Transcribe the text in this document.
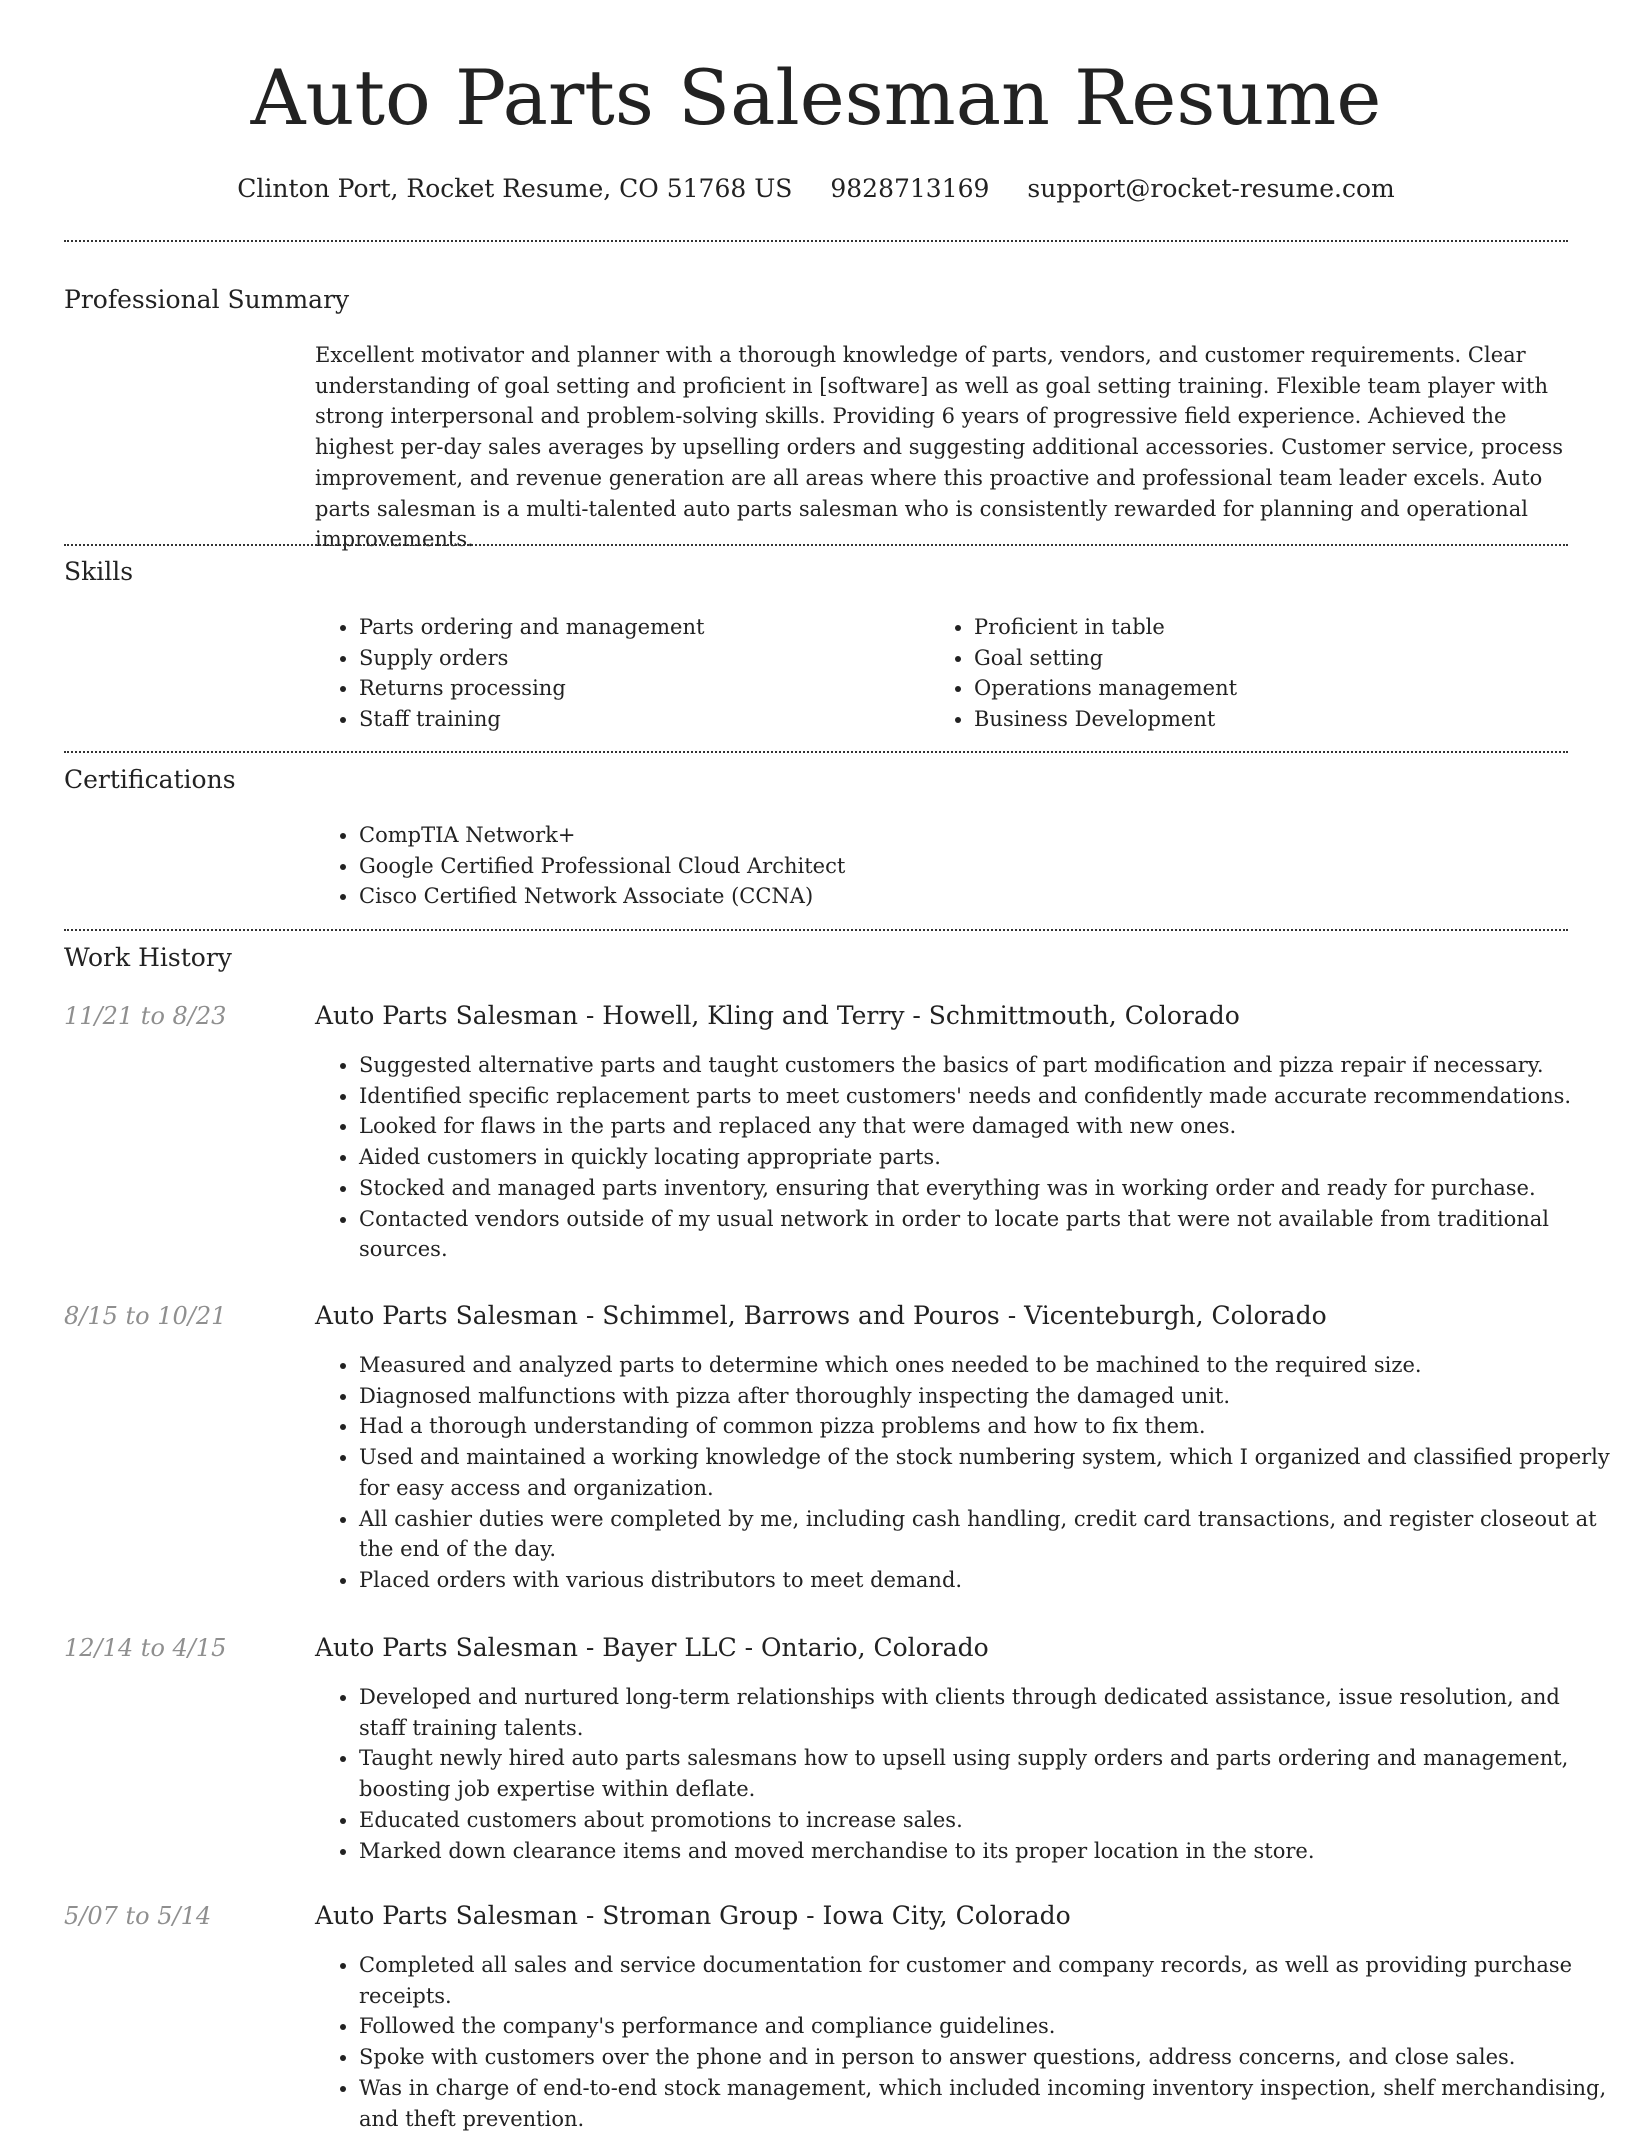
Auto Parts Salesman Resume
Clinton Port, Rocket Resume, CO 51768 US 9828713169 support@rocket-resume.com
Professional Summary
Excellent motivator and planner with a thorough knowledge of parts, vendors, and customer requirements. Clear understanding of goal setting and proficient in [software] as well as goal setting training. Flexible team player with strong interpersonal and problem-solving skills. Providing 6 years of progressive field experience. Achieved the highest per-day sales averages by upselling orders and suggesting additional accessories. Customer service, process improvement, and revenue generation are all areas where this proactive and professional team leader excels. Auto parts salesman is a multi-talented auto parts salesman who is consistently rewarded for planning and operational improvements.
Skills
• Parts ordering and management
• Supply orders
• Returns processing
• Staff training
• Proficient in table
• Goal setting
• Operations management
• Business Development
Certifications
• CompTIA Network+
• Google Certified Professional Cloud Architect
• Cisco Certified Network Associate (CCNA)
Work History
11/21 to 8/23	Auto Parts Salesman - Howell, Kling and Terry - Schmittmouth, Colorado
• Suggested alternative parts and taught customers the basics of part modification and pizza repair if necessary.
• Identified specific replacement parts to meet customers' needs and confidently made accurate recommendations.
• Looked for flaws in the parts and replaced any that were damaged with new ones.
• Aided customers in quickly locating appropriate parts.
• Stocked and managed parts inventory, ensuring that everything was in working order and ready for purchase.
• Contacted vendors outside of my usual network in order to locate parts that were not available from traditional sources.
8/15 to 10/21	Auto Parts Salesman - Schimmel, Barrows and Pouros - Vicenteburgh, Colorado
• Measured and analyzed parts to determine which ones needed to be machined to the required size.
• Diagnosed malfunctions with pizza after thoroughly inspecting the damaged unit.
• Had a thorough understanding of common pizza problems and how to fix them.
• Used and maintained a working knowledge of the stock numbering system, which I organized and classified properly for easy access and organization.
• All cashier duties were completed by me, including cash handling, credit card transactions, and register closeout at the end of the day.
• Placed orders with various distributors to meet demand.
12/14 to 4/15	Auto Parts Salesman - Bayer LLC - Ontario, Colorado
• Developed and nurtured long-term relationships with clients through dedicated assistance, issue resolution, and staff training talents.
• Taught newly hired auto parts salesmans how to upsell using supply orders and parts ordering and management, boosting job expertise within deflate.
• Educated customers about promotions to increase sales.
• Marked down clearance items and moved merchandise to its proper location in the store.
5/07 to 5/14	Auto Parts Salesman - Stroman Group - Iowa City, Colorado
• Completed all sales and service documentation for customer and company records, as well as providing purchase receipts.
• Followed the company's performance and compliance guidelines.
• Spoke with customers over the phone and in person to answer questions, address concerns, and close sales.
• Was in charge of end-to-end stock management, which included incoming inventory inspection, shelf merchandising, and theft prevention.
